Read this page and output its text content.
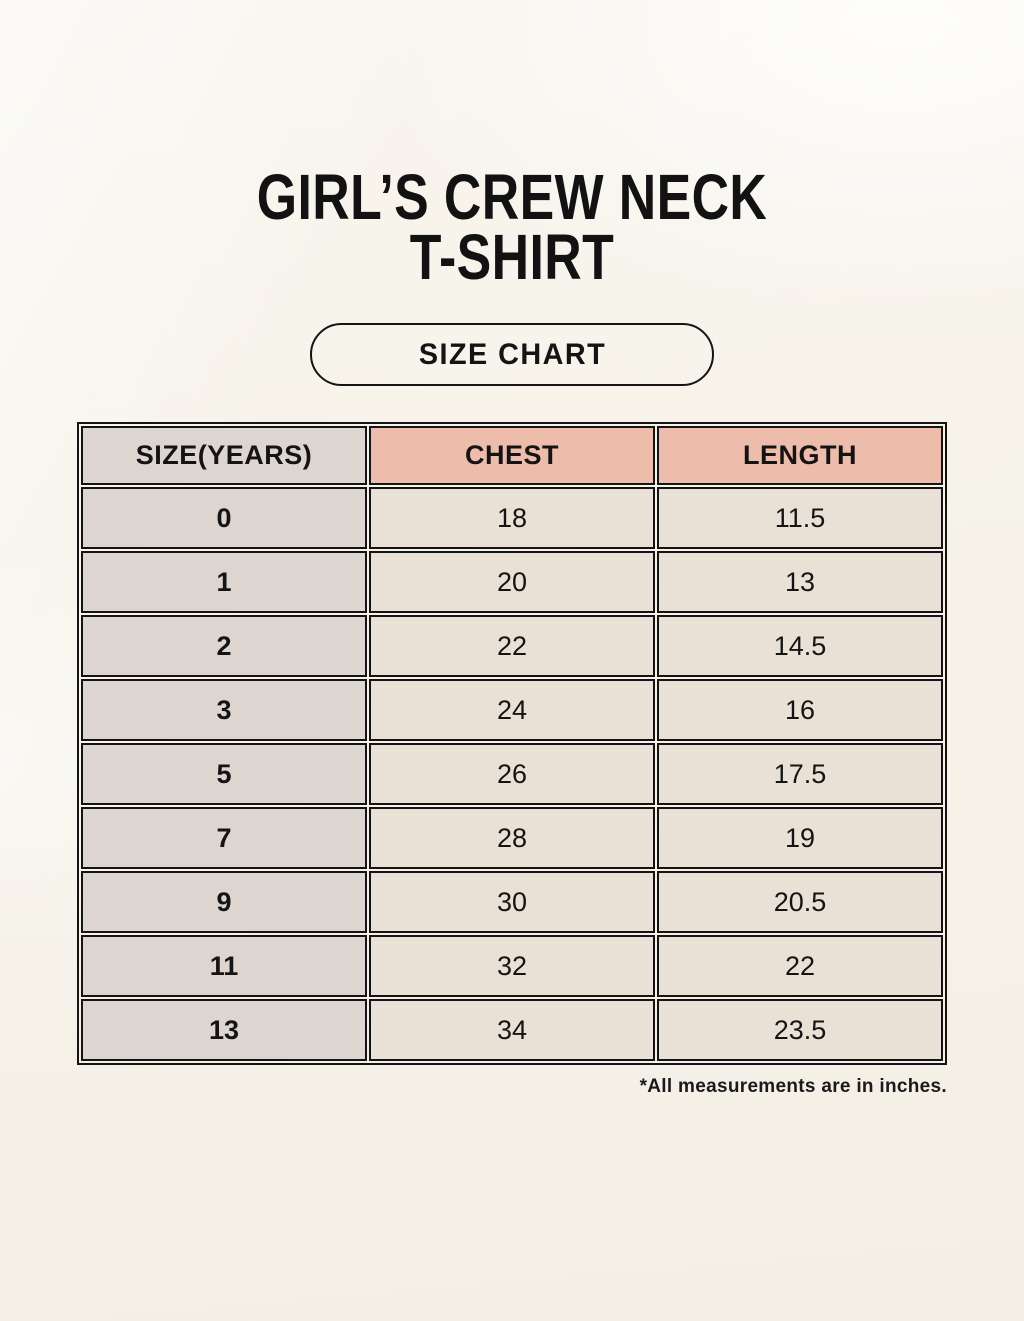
GIRL’S CREW NECK
T-SHIRT
SIZE CHART
SIZE(YEARS)	CHEST	LENGTH
0	18	11.5
1	20	13
2	22	14.5
3	24	16
5	26	17.5
7	28	19
9	30	20.5
11	32	22
13	34	23.5
*All measurements are in inches.
